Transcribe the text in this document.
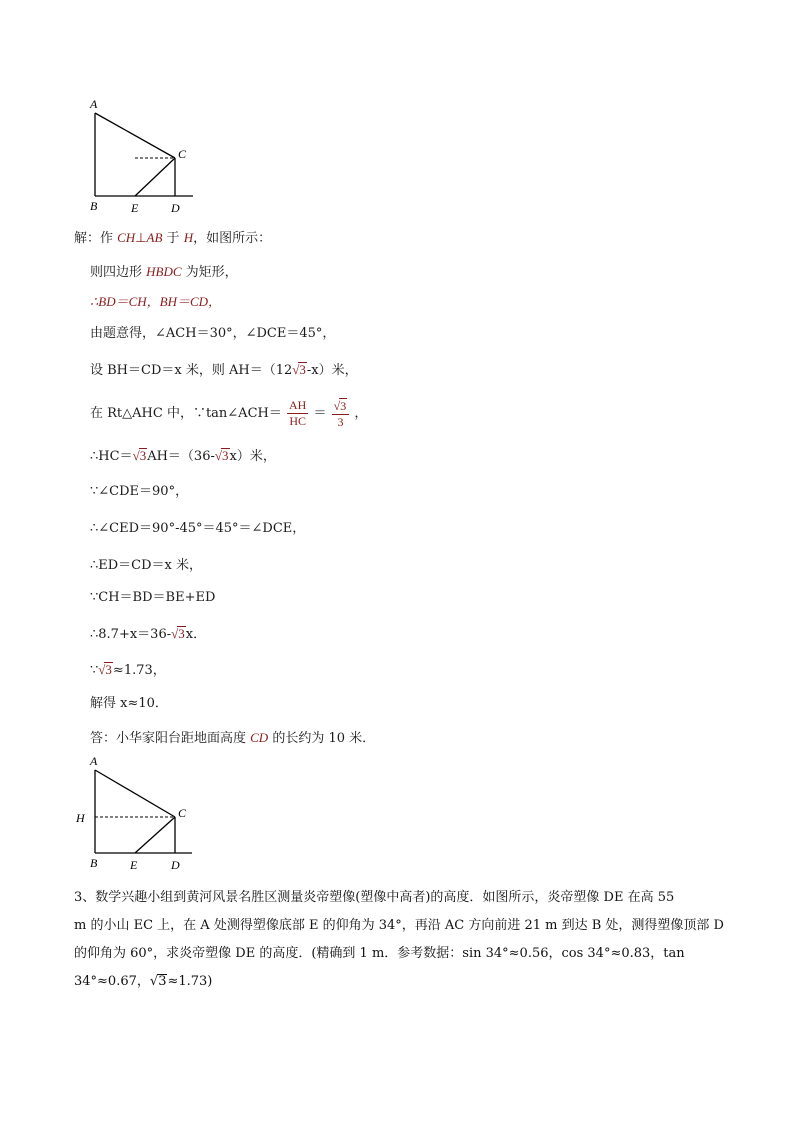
A
C
B	E	D
解：作 CH⊥AB 于 H，如图所示：
则四边形 HBDC 为矩形，
∴BD＝CH，BH＝CD，
由题意得，∠ACH＝30°，∠DCE＝45°，
设 BH＝CD＝x 米，则 AH＝（12√3-x）米，
在 Rt△AHC 中，∵tan∠ACH＝ $\frac{AH}{HC} = \frac{√3}{3}$ ，
∴HC＝√3AH＝（36-√3x）米，
∵∠CDE＝90°，
∴∠CED＝90°-45°＝45°＝∠DCE，
∴ED＝CD＝x 米，
∵CH＝BD＝BE+ED
∴8.7+x＝36-√3x．
∵√3≈1.73，
解得 x≈10．
答：小华家阳台距地面高度 CD 的长约为 10 米．
A
H	C
B	E	D
3、数学兴趣小组到黄河风景名胜区测量炎帝塑像(塑像中高者)的高度．如图所示，炎帝塑像 DE 在高 55
m 的小山 EC 上，在 A 处测得塑像底部 E 的仰角为 34°，再沿 AC 方向前进 21 m 到达 B 处，测得塑像顶部 D
的仰角为 60°，求炎帝塑像 DE 的高度．(精确到 1 m．参考数据：sin 34°≈0.56，cos 34°≈0.83，tan
34°≈0.67，√3≈1.73)
